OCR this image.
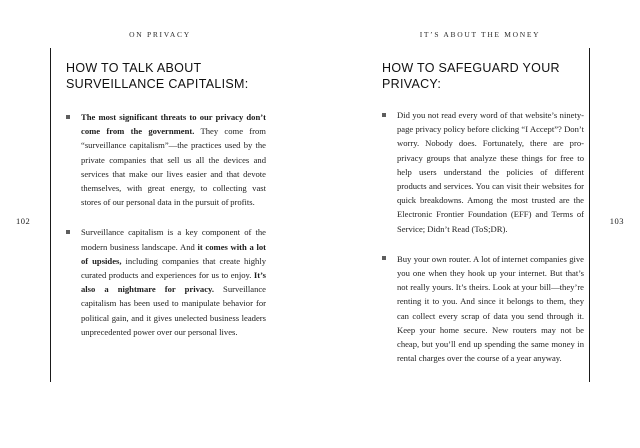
ON PRIVACY
102
HOW TO TALK ABOUT SURVEILLANCE CAPITALISM:
The most significant threats to our privacy don’t come from the government. They come from “surveillance capitalism”—the practices used by the private companies that sell us all the devices and services that make our lives easier and that devote themselves, with great energy, to collecting vast stores of our personal data in the pursuit of profits.
Surveillance capitalism is a key component of the modern business landscape. And it comes with a lot of upsides, including companies that create highly curated products and experiences for us to enjoy. It’s also a nightmare for privacy. Surveillance capitalism has been used to manipulate behavior for political gain, and it gives unelected business leaders unprecedented power over our personal lives.
IT’S ABOUT THE MONEY
103
HOW TO SAFEGUARD YOUR PRIVACY:
Did you not read every word of that website’s ninety-page privacy policy before clicking “I Accept”? Don’t worry. Nobody does. Fortunately, there are pro-privacy groups that analyze these things for free to help users understand the policies of different products and services. You can visit their websites for quick breakdowns. Among the most trusted are the Electronic Frontier Foundation (EFF) and Terms of Service; Didn’t Read (ToS;DR).
Buy your own router. A lot of internet companies give you one when they hook up your internet. But that’s not really yours. It’s theirs. Look at your bill—they’re renting it to you. And since it belongs to them, they can collect every scrap of data you send through it. Keep your home secure. New routers may not be cheap, but you’ll end up spending the same money in rental charges over the course of a year anyway.
